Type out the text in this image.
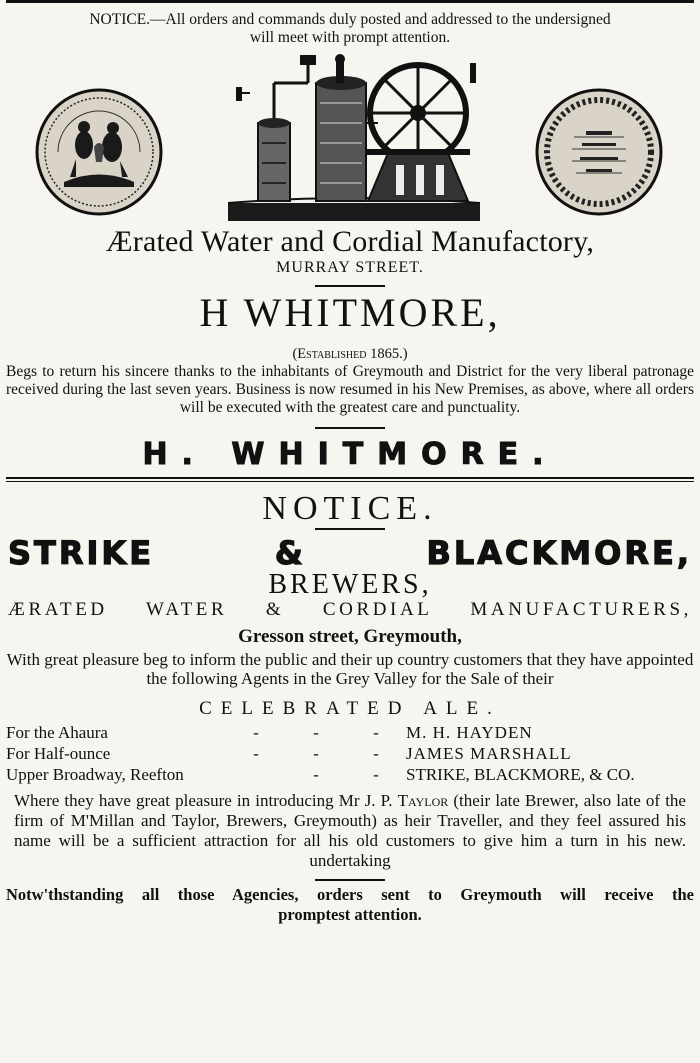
NOTICE.—All orders and commands duly posted and addressed to the undersigned
will meet with prompt attention.
Ærated Water and Cordial Manufactory,
MURRAY STREET.
H WHITMORE,
(Established 1865.)
Begs to return his sincere thanks to the inhabitants of Greymouth and District for the very liberal patronage received during the last seven years. Business is now resumed in his New Premises, as above, where all orders will be executed with the greatest care and punctuality.
H. WHITMORE.
NOTICE.
STRIKE	&	BLACKMORE,
BREWERS,
ÆRATED WATER & CORDIAL MANUFACTURERS,
Gresson street, Greymouth,
With great pleasure beg to inform the public and their up country customers that they have appointed the following Agents in the Grey Valley for the Sale of their
CELEBRATED ALE.
For the Ahaura	-	-	-	M. H. HAYDEN
For Half-ounce	-	-	-	JAMES MARSHALL
Upper Broadway, Reefton		-	-	STRIKE, BLACKMORE, & CO.
Where they have great pleasure in introducing Mr J. P. Taylor (their late Brewer, also late of the firm of M'Millan and Taylor, Brewers, Greymouth) as heir Traveller, and they feel assured his name will be a sufficient attraction for all his old customers to give him a turn in his new. undertaking
Notw'thstanding all those Agencies, orders sent to Greymouth will receive the
promptest attention.
